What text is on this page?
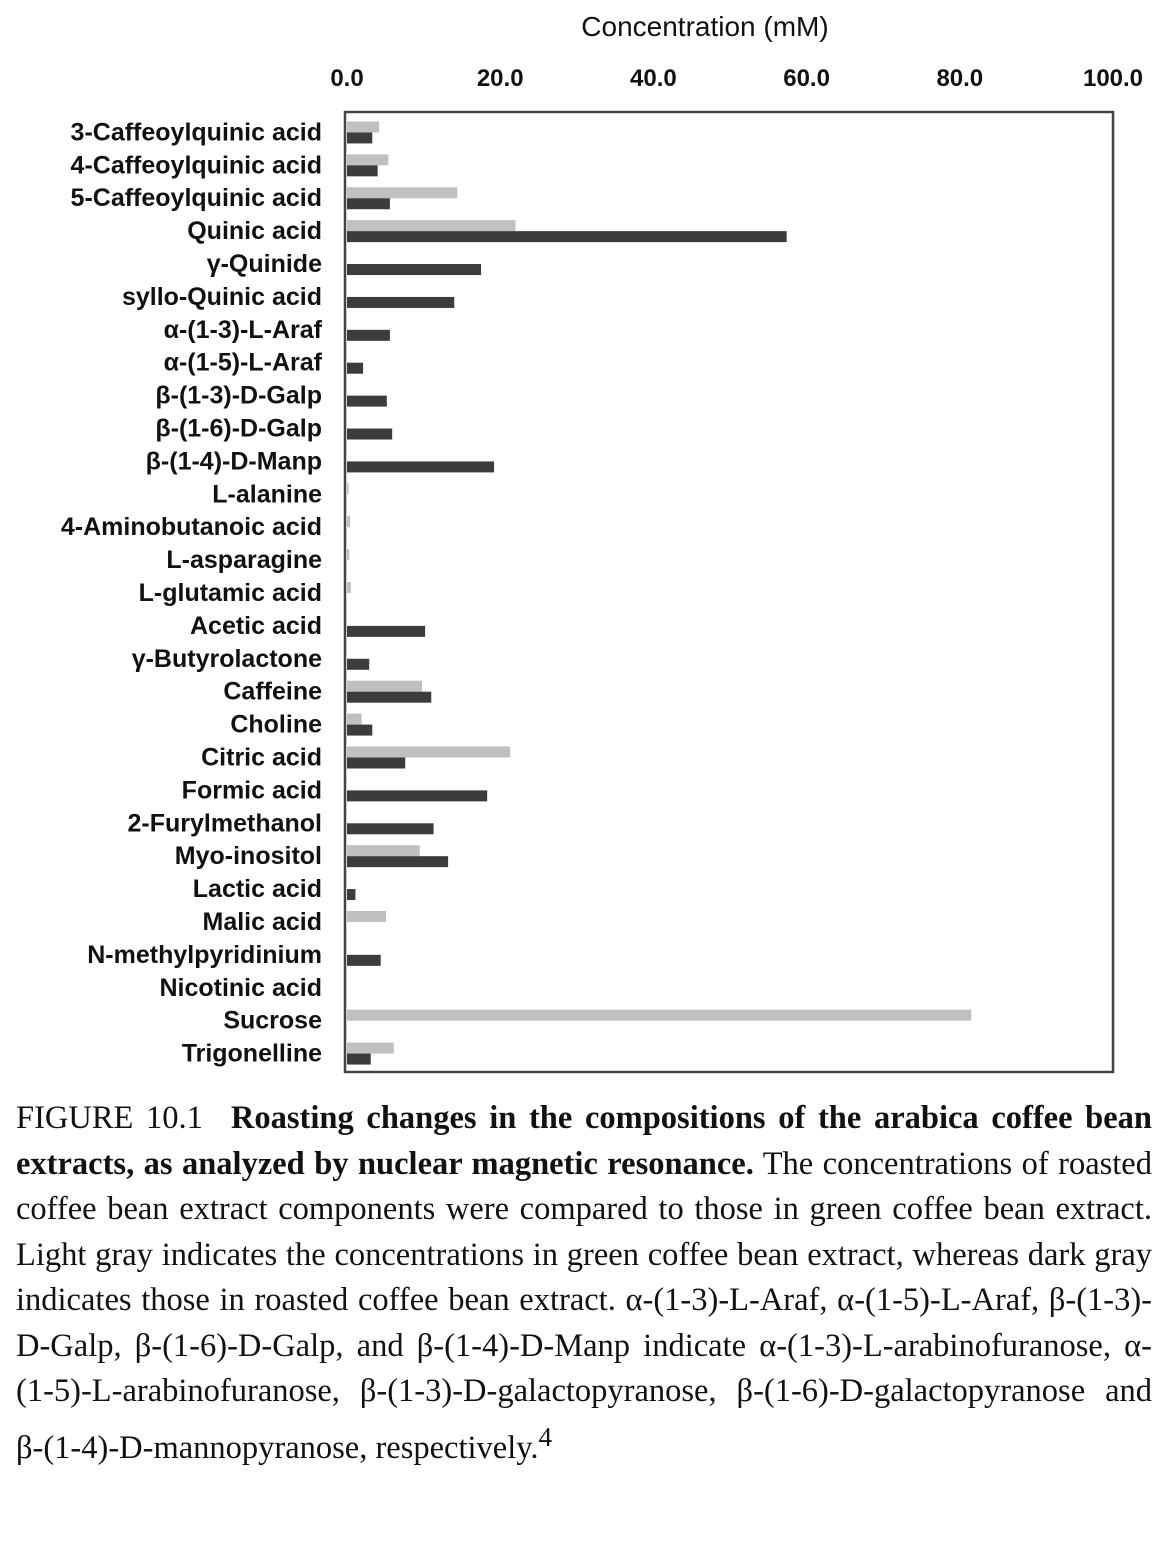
Concentration (mM)
0.0	20.0	40.0	60.0	80.0	100.0
3-Caffeoylquinic acid
4-Caffeoylquinic acid
5-Caffeoylquinic acid
Quinic acid
γ-Quinide
syllo-Quinic acid
α-(1-3)-L-Araf
α-(1-5)-L-Araf
β-(1-3)-D-Galp
β-(1-6)-D-Galp
β-(1-4)-D-Manp
L-alanine
4-Aminobutanoic acid
L-asparagine
L-glutamic acid
Acetic acid
γ-Butyrolactone
Caffeine
Choline
Citric acid
Formic acid
2-Furylmethanol
Myo-inositol
Lactic acid
Malic acid
N-methylpyridinium
Nicotinic acid
Sucrose
Trigonelline

FIGURE 10.1 Roasting changes in the compositions of the arabica coffee bean extracts, as analyzed by nuclear magnetic resonance. The concentrations of roasted coffee bean extract components were compared to those in green coffee bean extract. Light gray indicates the concentrations in green coffee bean extract, whereas dark gray indicates those in roasted coffee bean extract. α-(1-3)-L-Araf, α-(1-5)-L-Araf, β-(1-3)-D-Galp, β-(1-6)-D-Galp, and β-(1-4)-D-Manp indicate α-(1-3)-L-arabinofuranose, α-(1-5)-L-arabinofuranose, β-(1-3)-D-galactopyranose, β-(1-6)-D-galactopyranose and β-(1-4)-D-mannopyranose, respectively.$^4$
